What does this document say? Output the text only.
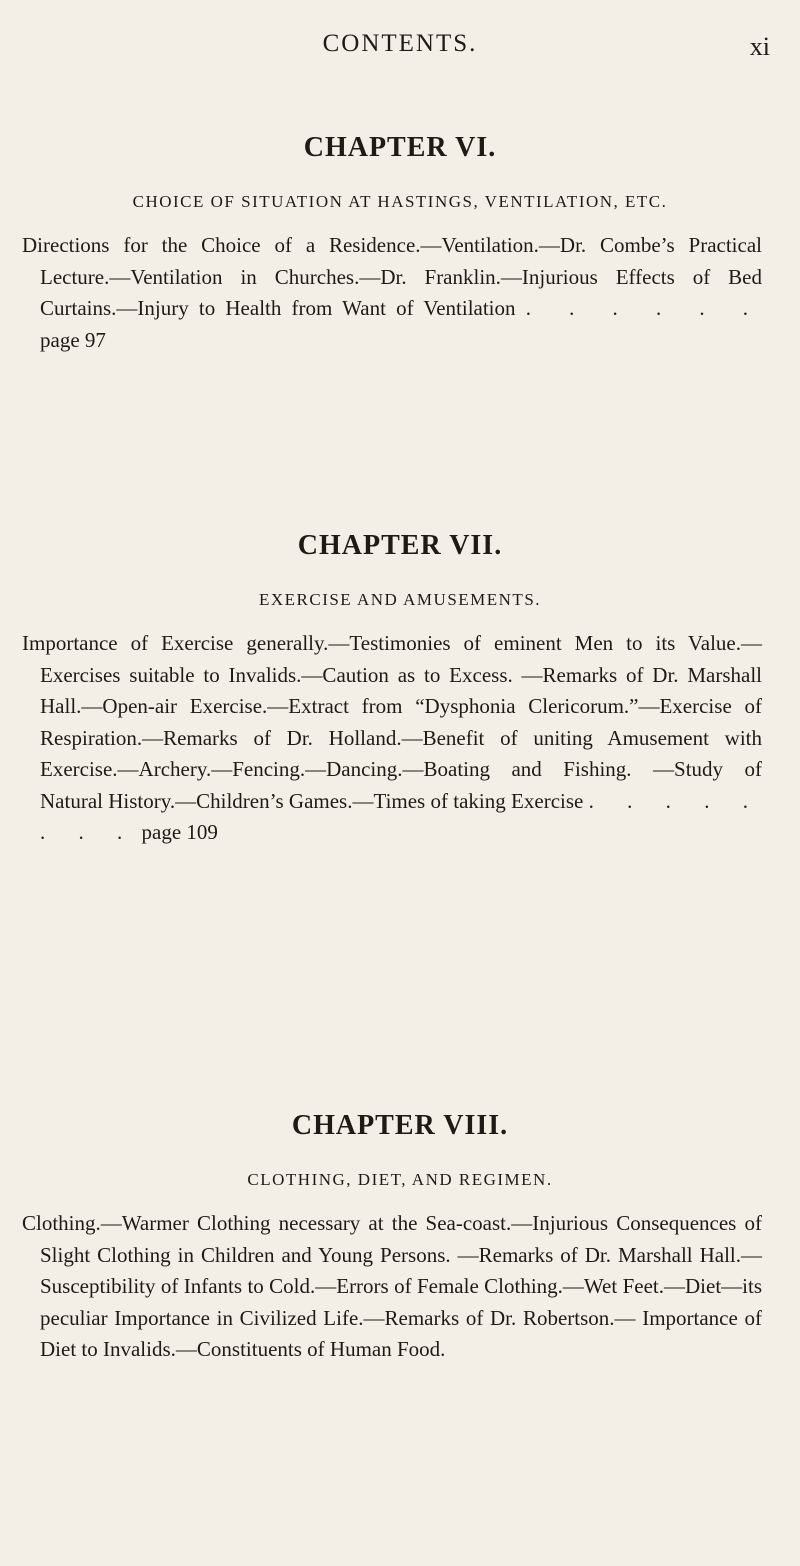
CONTENTS.	xi
CHAPTER VI.
CHOICE OF SITUATION AT HASTINGS, VENTILATION, ETC.

Directions for the Choice of a Residence.—Ventilation.—Dr. Combe’s Practical Lecture.—Ventilation in Churches.—Dr. Franklin.—Injurious Effects of Bed Curtains.—Injury to Health from Want of Ventilation . . . . . . page 97

CHAPTER VII.
EXERCISE AND AMUSEMENTS.

Importance of Exercise generally.—Testimonies of eminent Men to its Value.—Exercises suitable to Invalids.—Caution as to Excess. —Remarks of Dr. Marshall Hall.—Open-air Exercise.—Extract from “Dysphonia Clericorum.”—Exercise of Respiration.—Remarks of Dr. Holland.—Benefit of uniting Amusement with Exercise.—Archery.—Fencing.—Dancing.—Boating and Fishing. —Study of Natural History.—Children’s Games.—Times of taking Exercise . . . . . . . . page 109

CHAPTER VIII.
CLOTHING, DIET, AND REGIMEN.

Clothing.—Warmer Clothing necessary at the Sea-coast.—Injurious Consequences of Slight Clothing in Children and Young Persons. —Remarks of Dr. Marshall Hall.—Susceptibility of Infants to Cold.—Errors of Female Clothing.—Wet Feet.—Diet—its peculiar Importance in Civilized Life.—Remarks of Dr. Robertson.— Importance of Diet to Invalids.—Constituents of Human Food.
